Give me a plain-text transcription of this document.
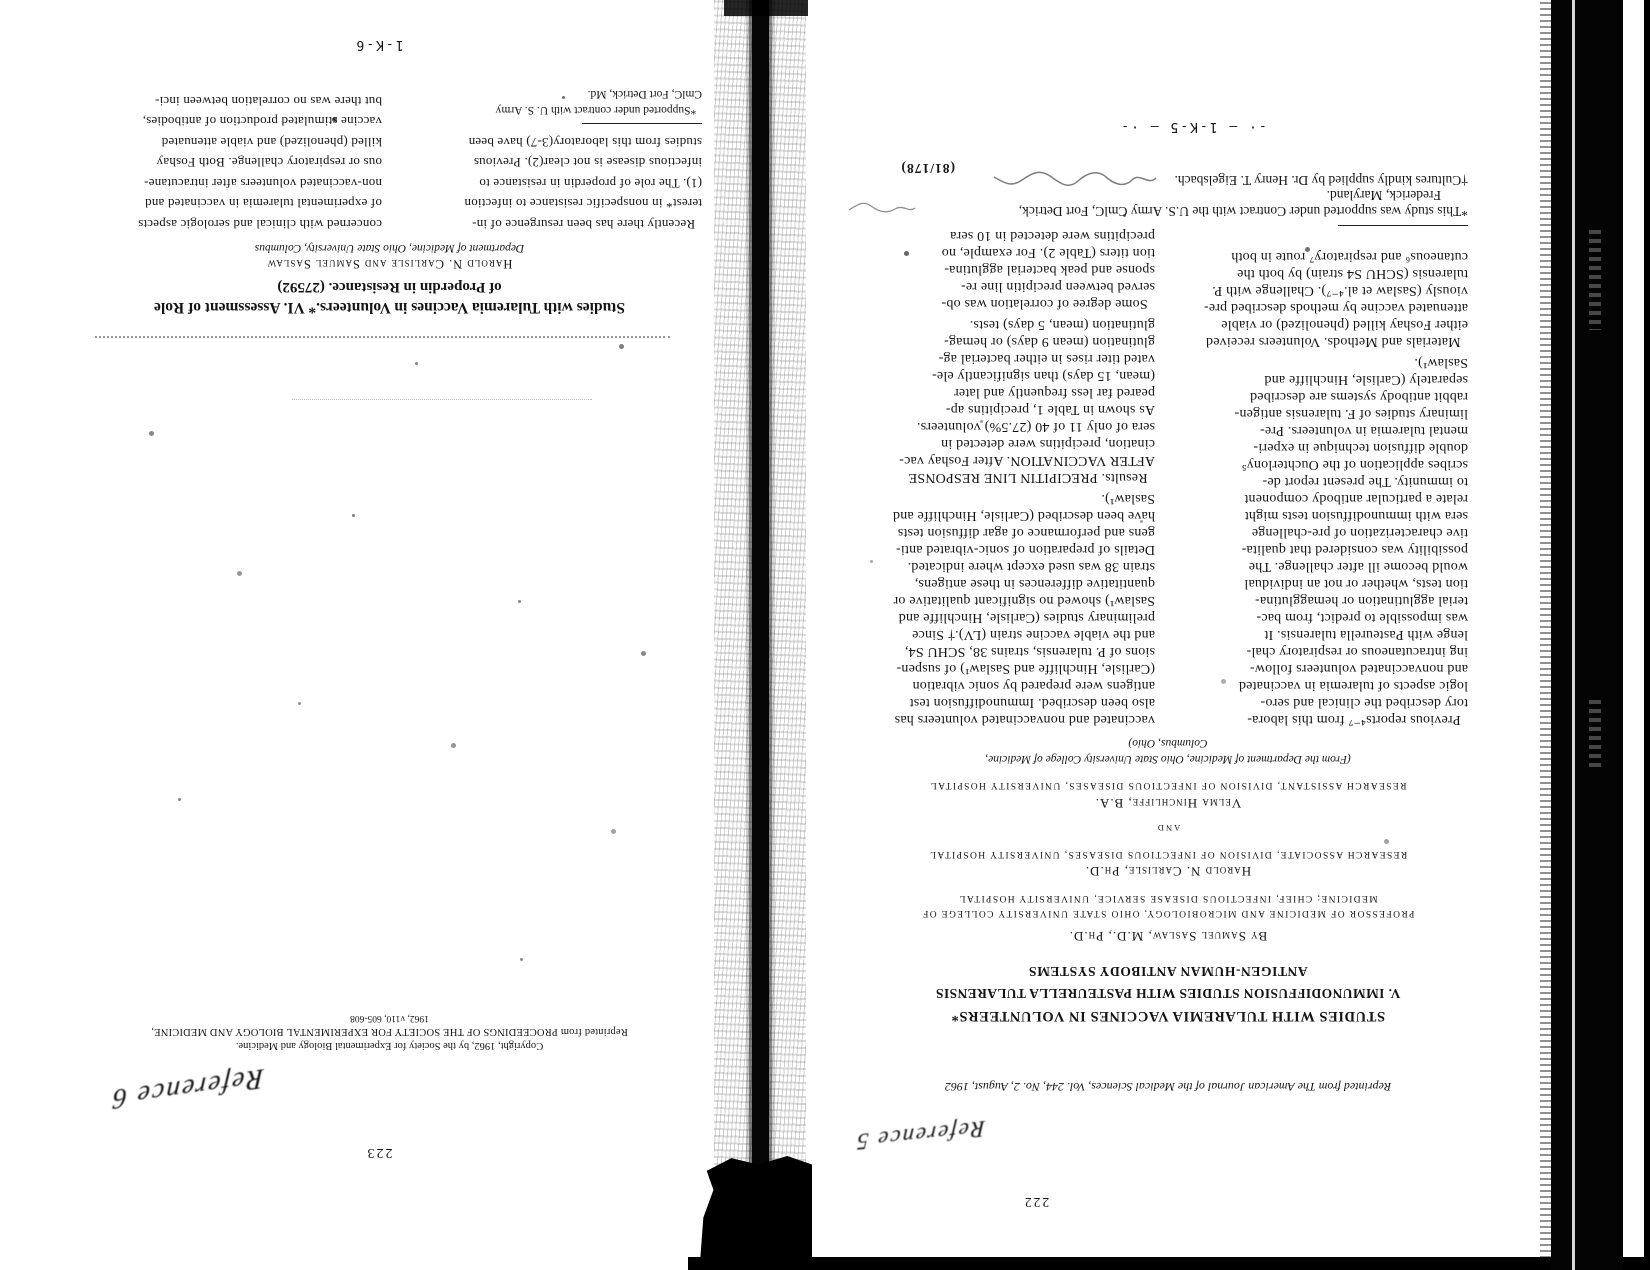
223
Reference 6
Copyright, 1962, by the Society for Experimental Biology and Medicine.
Reprinted from PROCEEDINGS OF THE SOCIETY FOR EXPERIMENTAL BIOLOGY AND MEDICINE,
1962, v110, 605-608
Studies with Tularemia Vaccines in Volunteers.* VI. Assessment of Role
of Properdin in Resistance. (27592)
Harold N. Carlisle and Samuel Saslaw
Department of Medicine, Ohio State University, Columbus
Recently there has been resurgence of in-
terest* in nonspecific resistance to infection
(1). The role of properdin in resistance to
infectious disease is not clear(2). Previous
studies from this laboratory(3-7) have been
concerned with clinical and serologic aspects
of experimental tularemia in vaccinated and
non-vaccinated volunteers after intracutane-
ous or respiratory challenge. Both Foshay
killed (phenolized) and viable attenuated
vaccine stimulated production of antibodies,
but there was no correlation between inci-
*Supported under contract with U. S. Army
CmlC, Fort Detrick, Md.
1-K-6
222
Reference 5
Reprinted from The American Journal of the Medical Sciences, Vol. 244, No. 2, August, 1962
STUDIES WITH TULAREMIA VACCINES IN VOLUNTEERS*
V. IMMUNODIFFUSION STUDIES WITH PASTEURELLA TULARENSIS
ANTIGEN-HUMAN ANTIBODY SYSTEMS
By Samuel Saslaw, M.D., Ph.D.
PROFESSOR OF MEDICINE AND MICROBIOLOGY, OHIO STATE UNIVERSITY COLLEGE OF
MEDICINE; CHIEF, INFECTIOUS DISEASE SERVICE, UNIVERSITY HOSPITAL
Harold N. Carlisle, Ph.D.
RESEARCH ASSOCIATE, DIVISION OF INFECTIOUS DISEASES, UNIVERSITY HOSPITAL
AND
Velma Hinchliffe, B.A.
RESEARCH ASSISTANT, DIVISION OF INFECTIOUS DISEASES, UNIVERSITY HOSPITAL
(From the Department of Medicine, Ohio State University College of Medicine,
Columbus, Ohio)
Previous reports⁴⁻⁷ from this labora-
tory described the clinical and sero-
logic aspects of tularemia in vaccinated
and nonvaccinated volunteers follow-
ing intracutaneous or respiratory chal-
lenge with Pasteurella tularensis. It
was impossible to predict, from bac-
terial agglutination or hemagglutina-
tion tests, whether or not an individual
would become ill after challenge. The
possibility was considered that qualita-
tive characterization of pre-challenge
sera with immunodiffusion tests might
relate a particular antibody component
to immunity. The present report de-
scribes application of the Ouchterlony⁵
double diffusion technique in experi-
mental tularemia in volunteers. Pre-
liminary studies of F. tularensis antigen-
rabbit antibody systems are described
separately (Carlisle, Hinchliffe and
Saslaw¹).
Materials and Methods. Volunteers received
either Foshay killed (phenolized) or viable
attenuated vaccine by methods described pre-
viously (Saslaw et al.⁴⁻⁷). Challenge with P.
tularensis (SCHU S4 strain) by both the
cutaneous⁶ and respiratory⁷ route in both
vaccinated and nonvaccinated volunteers has
also been described. Immunodiffusion test
antigens were prepared by sonic vibration
(Carlisle, Hinchliffe and Saslaw¹) of suspen-
sions of P. tularensis, strains 38, SCHU S4,
and the viable vaccine strain (LV).† Since
preliminary studies (Carlisle, Hinchliffe and
Saslaw¹) showed no significant qualitative or
quantitative differences in these antigens,
strain 38 was used except where indicated.
Details of preparation of sonic-vibrated anti-
gens and performance of agar diffusion tests
have been described (Carlisle, Hinchliffe and
Saslaw¹).
Results. PRECIPITIN LINE RESPONSE
AFTER VACCINATION. After Foshay vac-
cination, precipitins were detected in
sera of only 11 of 40 (27.5%) volunteers.
As shown in Table 1, precipitins ap-
peared far less frequently and later
(mean, 15 days) than significantly ele-
vated titer rises in either bacterial ag-
glutination (mean 9 days) or hemag-
glutination (mean, 5 days) tests.
Some degree of correlation was ob-
served between precipitin line re-
sponse and peak bacterial agglutina-
tion titers (Table 2). For example, no
precipitins were detected in 10 sera
*This study was supported under Contract with the U.S. Army CmlC, Fort Detrick,
Frederick, Maryland.
†Cultures kindly supplied by Dr. Henry T. Eigelsbach.
(81/178)
-· — 1-K-5 — ·-
